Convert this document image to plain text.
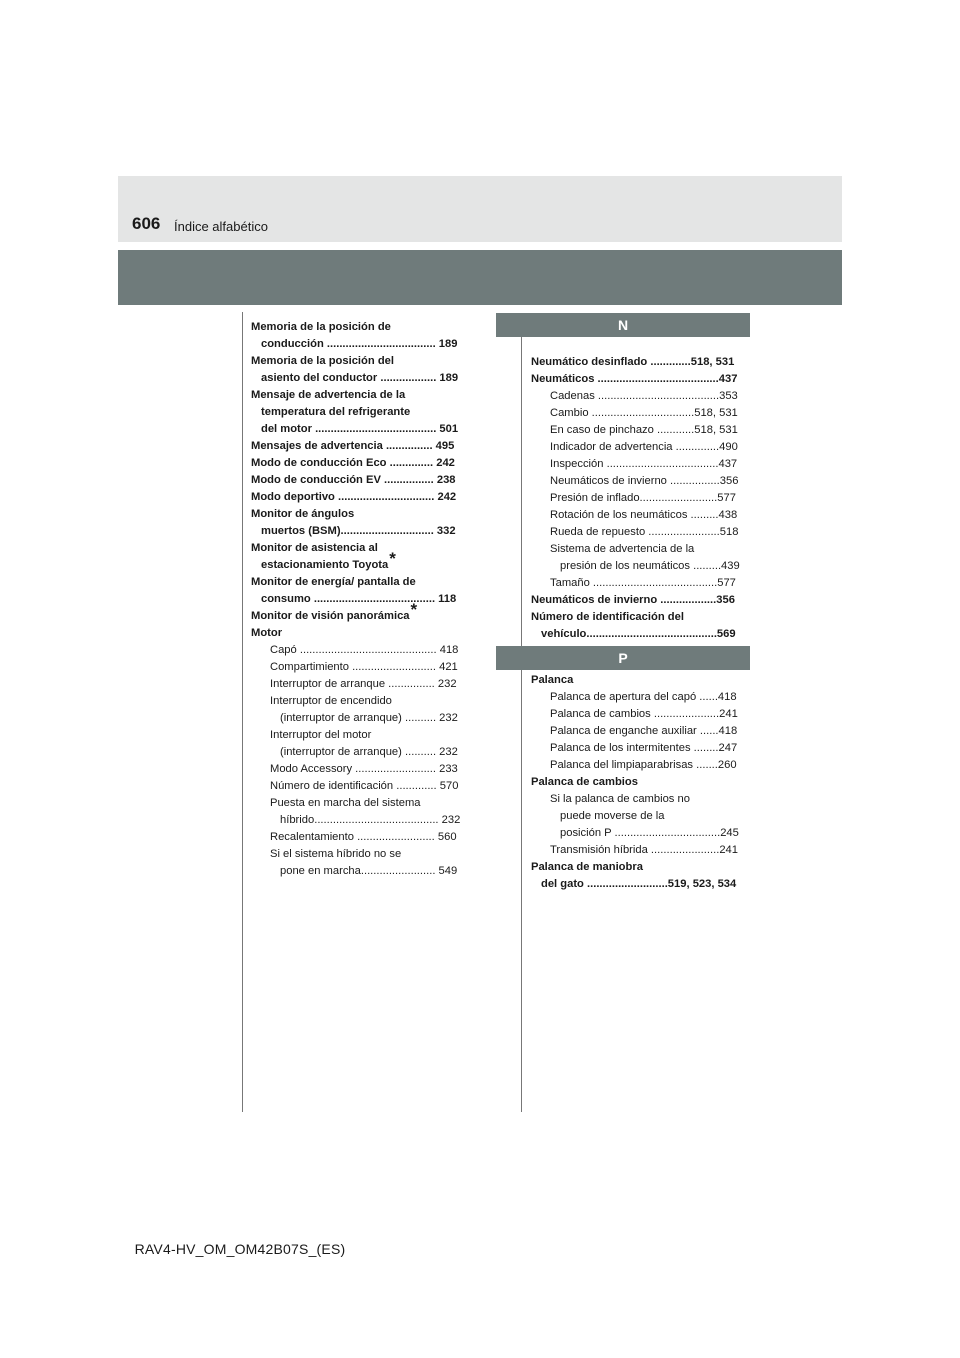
606 Índice alfabético
Memoria de la posición de
conducción ................................... 189
Memoria de la posición del
asiento del conductor .................. 189
Mensaje de advertencia de la
temperatura del refrigerante
del motor ....................................... 501
Mensajes de advertencia ............... 495
Modo de conducción Eco .............. 242
Modo de conducción EV ................ 238
Modo deportivo ............................... 242
Monitor de ángulos
muertos (BSM).............................. 332
Monitor de asistencia al
estacionamiento Toyota*
Monitor de energía/ pantalla de
consumo ....................................... 118
Monitor de visión panorámica*
Motor
Capó ............................................ 418
Compartimiento ........................... 421
Interruptor de arranque ............... 232
Interruptor de encendido
(interruptor de arranque) .......... 232
Interruptor del motor
(interruptor de arranque) .......... 232
Modo Accessory .......................... 233
Número de identificación ............. 570
Puesta en marcha del sistema
híbrido........................................ 232
Recalentamiento ......................... 560
Si el sistema híbrido no se
pone en marcha........................ 549
N
Neumático desinflado .............518, 531
Neumáticos .......................................437
Cadenas .......................................353
Cambio .................................518, 531
En caso de pinchazo ............518, 531
Indicador de advertencia ..............490
Inspección ....................................437
Neumáticos de invierno ................356
Presión de inflado.........................577
Rotación de los neumáticos .........438
Rueda de repuesto .......................518
Sistema de advertencia de la
presión de los neumáticos .........439
Tamaño ........................................577
Neumáticos de invierno ..................356
Número de identificación del
vehículo..........................................569
P
Palanca
Palanca de apertura del capó ......418
Palanca de cambios .....................241
Palanca de enganche auxiliar ......418
Palanca de los intermitentes ........247
Palanca del limpiaparabrisas .......260
Palanca de cambios
Si la palanca de cambios no
puede moverse de la
posición P ..................................245
Transmisión híbrida ......................241
Palanca de maniobra
del gato ..........................519, 523, 534
RAV4-HV_OM_OM42B07S_(ES)
